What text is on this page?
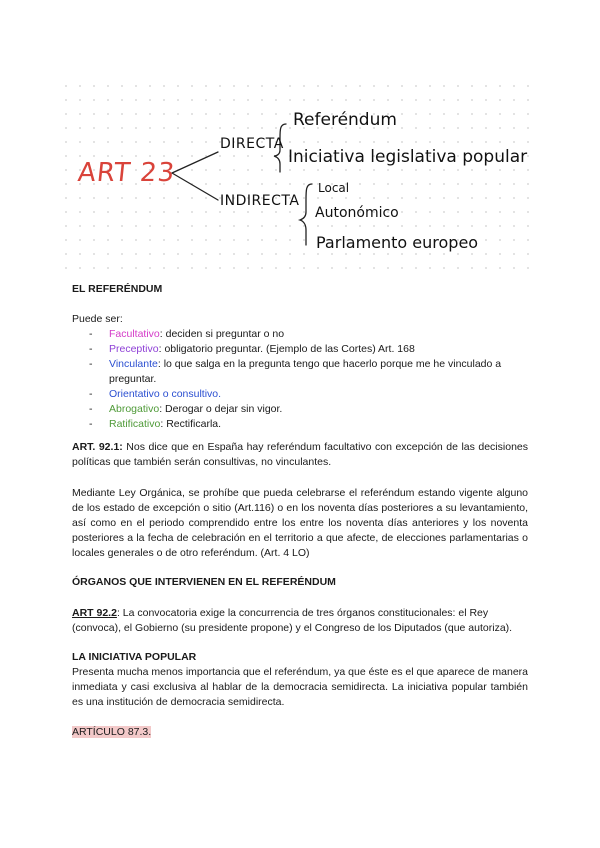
ART 23
DIRECTA
INDIRECTA
Referéndum
Iniciativa legislativa popular
Local
Autonómico
Parlamento europeo

EL REFERÉNDUM

Puede ser:

- Facultativo: deciden si preguntar o no
- Preceptivo: obligatorio preguntar. (Ejemplo de las Cortes) Art. 168
- Vinculante: lo que salga en la pregunta tengo que hacerlo porque me he vinculado a preguntar.
- Orientativo o consultivo.
- Abrogativo: Derogar o dejar sin vigor.
- Ratificativo: Rectificarla.

ART. 92.1: Nos dice que en España hay referéndum facultativo con excepción de las decisiones políticas que también serán consultivas, no vinculantes.

Mediante Ley Orgánica, se prohíbe que pueda celebrarse el referéndum estando vigente alguno de los estado de excepción o sitio (Art.116) o en los noventa días posteriores a su levantamiento, así como en el periodo comprendido entre los entre los noventa días anteriores y los noventa posteriores a la fecha de celebración en el territorio a que afecte, de elecciones parlamentarias o locales generales o de otro referéndum. (Art. 4 LO)

ÓRGANOS QUE INTERVIENEN EN EL REFERÉNDUM

ART 92.2: La convocatoria exige la concurrencia de tres órganos constitucionales: el Rey (convoca), el Gobierno (su presidente propone) y el Congreso de los Diputados (que autoriza).

LA INICIATIVA POPULAR

Presenta mucha menos importancia que el referéndum, ya que éste es el que aparece de manera inmediata y casi exclusiva al hablar de la democracia semidirecta. La iniciativa popular también es una institución de democracia semidirecta.

ARTÍCULO 87.3.
